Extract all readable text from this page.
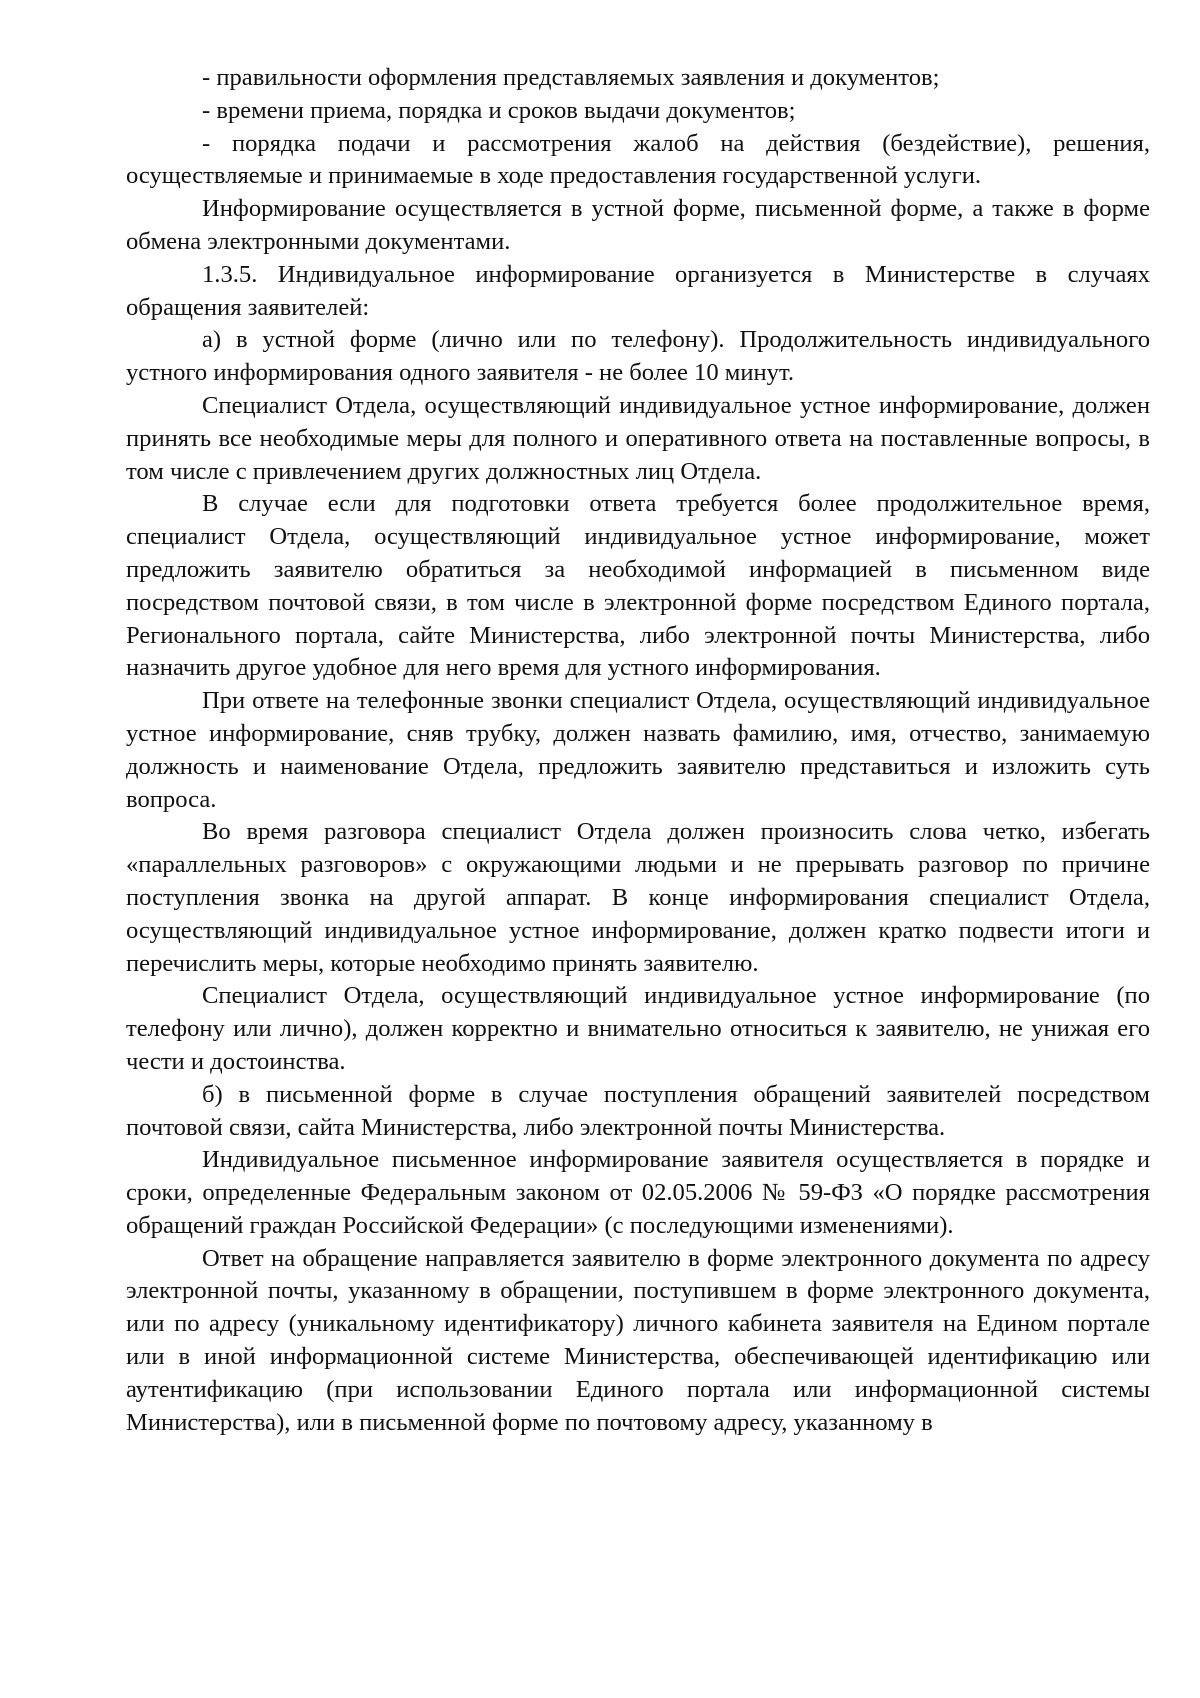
- правильности оформления представляемых заявления и документов;

- времени приема, порядка и сроков выдачи документов;

- порядка подачи и рассмотрения жалоб на действия (бездействие), решения, осуществляемые и принимаемые в ходе предоставления государственной услуги.

Информирование осуществляется в устной форме, письменной форме, а также в форме обмена электронными документами.

1.3.5. Индивидуальное информирование организуется в Министерстве в случаях обращения заявителей:

а) в устной форме (лично или по телефону). Продолжительность индивидуального устного информирования одного заявителя - не более 10 минут.

Специалист Отдела, осуществляющий индивидуальное устное информирование, должен принять все необходимые меры для полного и оперативного ответа на поставленные вопросы, в том числе с привлечением других должностных лиц Отдела.

В случае если для подготовки ответа требуется более продолжительное время, специалист Отдела, осуществляющий индивидуальное устное информирование, может предложить заявителю обратиться за необходимой информацией в письменном виде посредством почтовой связи, в том числе в электронной форме посредством Единого портала, Регионального портала, сайте Министерства, либо электронной почты Министерства, либо назначить другое удобное для него время для устного информирования.

При ответе на телефонные звонки специалист Отдела, осуществляющий индивидуальное устное информирование, сняв трубку, должен назвать фамилию, имя, отчество, занимаемую должность и наименование Отдела, предложить заявителю представиться и изложить суть вопроса.

Во время разговора специалист Отдела должен произносить слова четко, избегать «параллельных разговоров» с окружающими людьми и не прерывать разговор по причине поступления звонка на другой аппарат. В конце информирования специалист Отдела, осуществляющий индивидуальное устное информирование, должен кратко подвести итоги и перечислить меры, которые необходимо принять заявителю.

Специалист Отдела, осуществляющий индивидуальное устное информирование (по телефону или лично), должен корректно и внимательно относиться к заявителю, не унижая его чести и достоинства.

б) в письменной форме в случае поступления обращений заявителей посредством почтовой связи, сайта Министерства, либо электронной почты Министерства.

Индивидуальное письменное информирование заявителя осуществляется в порядке и сроки, определенные Федеральным законом от 02.05.2006 № 59-ФЗ «О порядке рассмотрения обращений граждан Российской Федерации» (с последующими изменениями).

Ответ на обращение направляется заявителю в форме электронного документа по адресу электронной почты, указанному в обращении, поступившем в форме электронного документа, или по адресу (уникальному идентификатору) личного кабинета заявителя на Едином портале или в иной информационной системе Министерства, обеспечивающей идентификацию или аутентификацию (при использовании Единого портала или информационной системы Министерства), или в письменной форме по почтовому адресу, указанному в
